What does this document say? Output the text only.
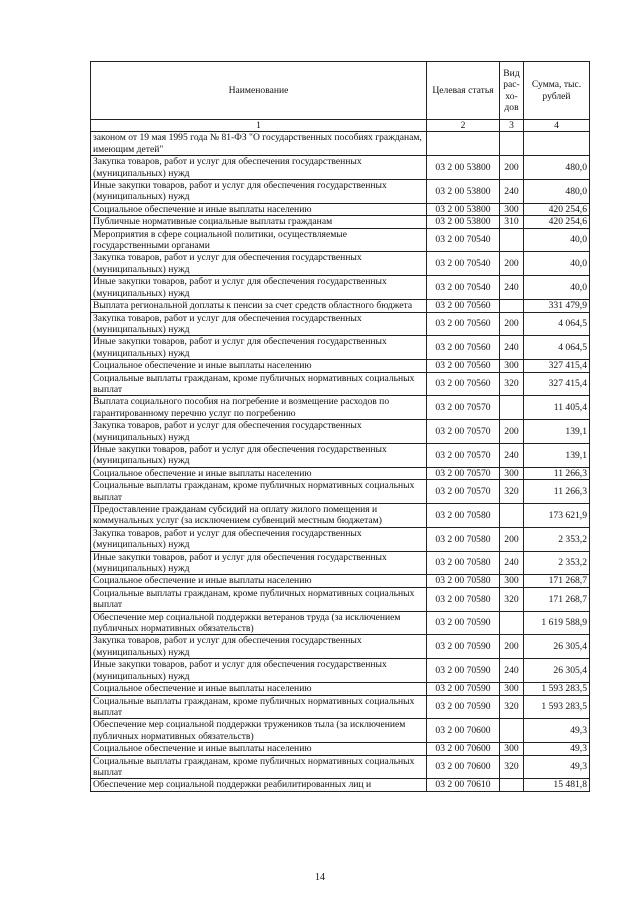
Наименование	Целевая статья	Вид рас-хо-дов	Сумма, тыс. рублей
1	2	3	4
законом от 19 мая 1995 года № 81-ФЗ "О государственных пособиях гражданам, имеющим детей"			
Закупка товаров, работ и услуг для обеспечения государственных (муниципальных) нужд	03 2 00 53800	200	480,0
Иные закупки товаров, работ и услуг для обеспечения государственных (муниципальных) нужд	03 2 00 53800	240	480,0
Социальное обеспечение и иные выплаты населению	03 2 00 53800	300	420 254,6
Публичные нормативные социальные выплаты гражданам	03 2 00 53800	310	420 254,6
Мероприятия в сфере социальной политики, осуществляемые государственными органами	03 2 00 70540		40,0
Закупка товаров, работ и услуг для обеспечения государственных (муниципальных) нужд	03 2 00 70540	200	40,0
Иные закупки товаров, работ и услуг для обеспечения государственных (муниципальных) нужд	03 2 00 70540	240	40,0
Выплата региональной доплаты к пенсии за счет средств областного бюджета	03 2 00 70560		331 479,9
Закупка товаров, работ и услуг для обеспечения государственных (муниципальных) нужд	03 2 00 70560	200	4 064,5
Иные закупки товаров, работ и услуг для обеспечения государственных (муниципальных) нужд	03 2 00 70560	240	4 064,5
Социальное обеспечение и иные выплаты населению	03 2 00 70560	300	327 415,4
Социальные выплаты гражданам, кроме публичных нормативных социальных выплат	03 2 00 70560	320	327 415,4
Выплата социального пособия на погребение и возмещение расходов по гарантированному перечню услуг по погребению	03 2 00 70570		11 405,4
Закупка товаров, работ и услуг для обеспечения государственных (муниципальных) нужд	03 2 00 70570	200	139,1
Иные закупки товаров, работ и услуг для обеспечения государственных (муниципальных) нужд	03 2 00 70570	240	139,1
Социальное обеспечение и иные выплаты населению	03 2 00 70570	300	11 266,3
Социальные выплаты гражданам, кроме публичных нормативных социальных выплат	03 2 00 70570	320	11 266,3
Предоставление гражданам субсидий на оплату жилого помещения и коммунальных услуг (за исключением субвенций местным бюджетам)	03 2 00 70580		173 621,9
Закупка товаров, работ и услуг для обеспечения государственных (муниципальных) нужд	03 2 00 70580	200	2 353,2
Иные закупки товаров, работ и услуг для обеспечения государственных (муниципальных) нужд	03 2 00 70580	240	2 353,2
Социальное обеспечение и иные выплаты населению	03 2 00 70580	300	171 268,7
Социальные выплаты гражданам, кроме публичных нормативных социальных выплат	03 2 00 70580	320	171 268,7
Обеспечение мер социальной поддержки ветеранов труда (за исключением публичных нормативных обязательств)	03 2 00 70590		1 619 588,9
Закупка товаров, работ и услуг для обеспечения государственных (муниципальных) нужд	03 2 00 70590	200	26 305,4
Иные закупки товаров, работ и услуг для обеспечения государственных (муниципальных) нужд	03 2 00 70590	240	26 305,4
Социальное обеспечение и иные выплаты населению	03 2 00 70590	300	1 593 283,5
Социальные выплаты гражданам, кроме публичных нормативных социальных выплат	03 2 00 70590	320	1 593 283,5
Обеспечение мер социальной поддержки тружеников тыла (за исключением публичных нормативных обязательств)	03 2 00 70600		49,3
Социальное обеспечение и иные выплаты населению	03 2 00 70600	300	49,3
Социальные выплаты гражданам, кроме публичных нормативных социальных выплат	03 2 00 70600	320	49,3
Обеспечение мер социальной поддержки реабилитированных лиц и	03 2 00 70610		15 481,8
14
